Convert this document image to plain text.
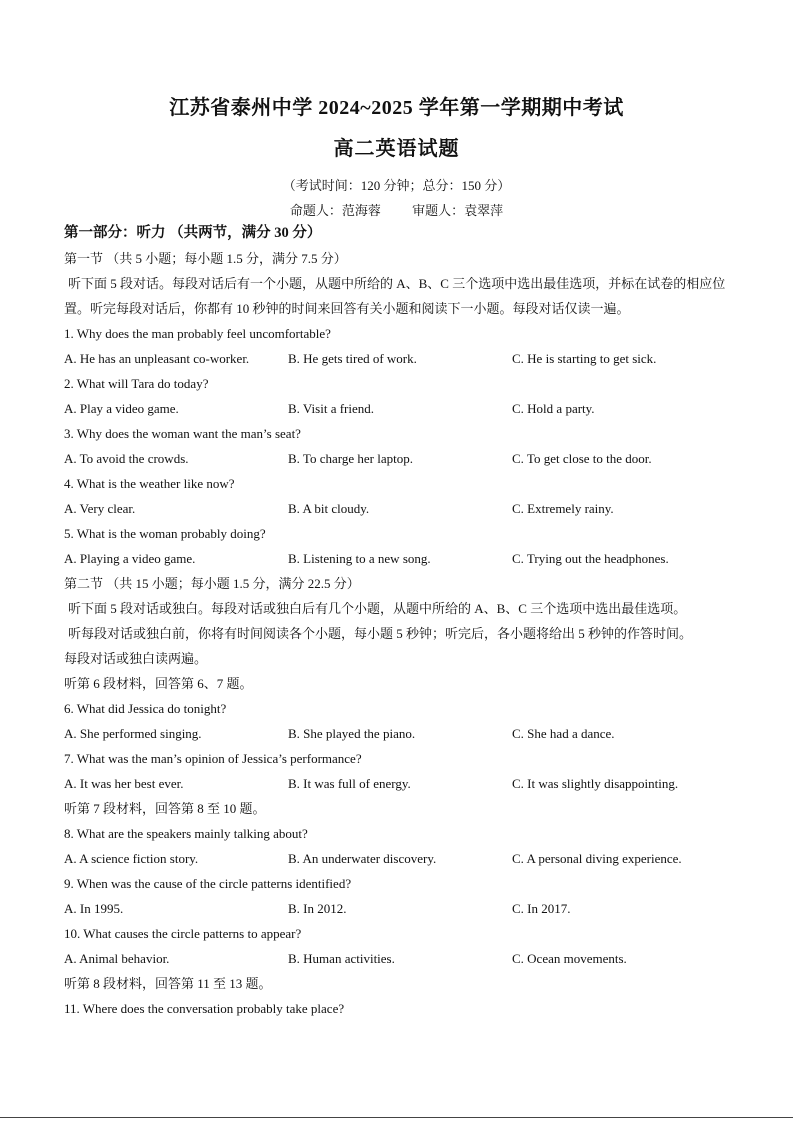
江苏省泰州中学 2024~2025 学年第一学期期中考试
高二英语试题
（考试时间：120 分钟；总分：150 分）
命题人：范海蓉 审题人：袁翠萍
第一部分：听力 （共两节，满分 30 分）
第一节 （共 5 小题；每小题 1.5 分，满分 7.5 分）
听下面 5 段对话。每段对话后有一个小题，从题中所给的 A、B、C 三个选项中选出最佳选项，并标在试卷的相应位置。听完每段对话后，你都有 10 秒钟的时间来回答有关小题和阅读下一小题。每段对话仅读一遍。
1. Why does the man probably feel uncomfortable?
A. He has an unpleasant co-worker.	B. He gets tired of work.	C. He is starting to get sick.
2. What will Tara do today?
A. Play a video game.	B. Visit a friend.	C. Hold a party.
3. Why does the woman want the man’s seat?
A. To avoid the crowds.	B. To charge her laptop.	C. To get close to the door.
4. What is the weather like now?
A. Very clear.	B. A bit cloudy.	C. Extremely rainy.
5. What is the woman probably doing?
A. Playing a video game.	B. Listening to a new song.	C. Trying out the headphones.
第二节 （共 15 小题；每小题 1.5 分，满分 22.5 分）
听下面 5 段对话或独白。每段对话或独白后有几个小题，从题中所给的 A、B、C 三个选项中选出最佳选项。
听每段对话或独白前，你将有时间阅读各个小题，每小题 5 秒钟；听完后，各小题将给出 5 秒钟的作答时间。
每段对话或独白读两遍。
听第 6 段材料，回答第 6、7 题。
6. What did Jessica do tonight?
A. She performed singing.	B. She played the piano.	C. She had a dance.
7. What was the man’s opinion of Jessica’s performance?
A. It was her best ever.	B. It was full of energy.	C. It was slightly disappointing.
听第 7 段材料，回答第 8 至 10 题。
8. What are the speakers mainly talking about?
A. A science fiction story.	B. An underwater discovery.	C. A personal diving experience.
9. When was the cause of the circle patterns identified?
A. In 1995.	B. In 2012.	C. In 2017.
10. What causes the circle patterns to appear?
A. Animal behavior.	B. Human activities.	C. Ocean movements.
听第 8 段材料，回答第 11 至 13 题。
11. Where does the conversation probably take place?
